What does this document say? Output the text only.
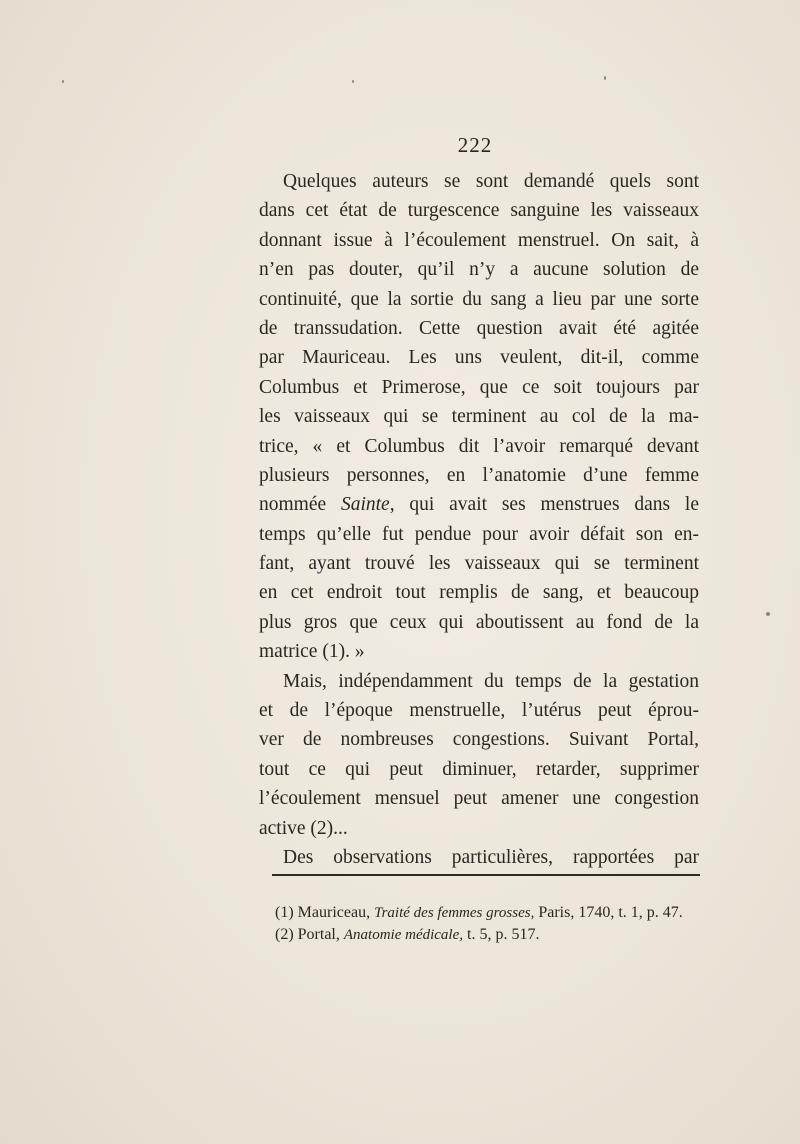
222
Quelques auteurs se sont demandé quels sont
dans cet état de turgescence sanguine les vaisseaux
donnant issue à l’écoulement menstruel. On sait, à
n’en pas douter, qu’il n’y a aucune solution de
continuité, que la sortie du sang a lieu par une sorte
de transsudation. Cette question avait été agitée
par Mauriceau. Les uns veulent, dit-il, comme
Columbus et Primerose, que ce soit toujours par
les vaisseaux qui se terminent au col de la ma-
trice, « et Columbus dit l’avoir remarqué devant
plusieurs personnes, en l’anatomie d’une femme
nommée Sainte, qui avait ses menstrues dans le
temps qu’elle fut pendue pour avoir défait son en-
fant, ayant trouvé les vaisseaux qui se terminent
en cet endroit tout remplis de sang, et beaucoup
plus gros que ceux qui aboutissent au fond de la
matrice (1). »
Mais, indépendamment du temps de la gestation
et de l’époque menstruelle, l’utérus peut éprou-
ver de nombreuses congestions. Suivant Portal,
tout ce qui peut diminuer, retarder, supprimer
l’écoulement mensuel peut amener une congestion
active (2)...
Des observations particulières, rapportées par
(1) Mauriceau, Traité des femmes grosses, Paris, 1740, t. 1, p. 47.
(2) Portal, Anatomie médicale, t. 5, p. 517.
